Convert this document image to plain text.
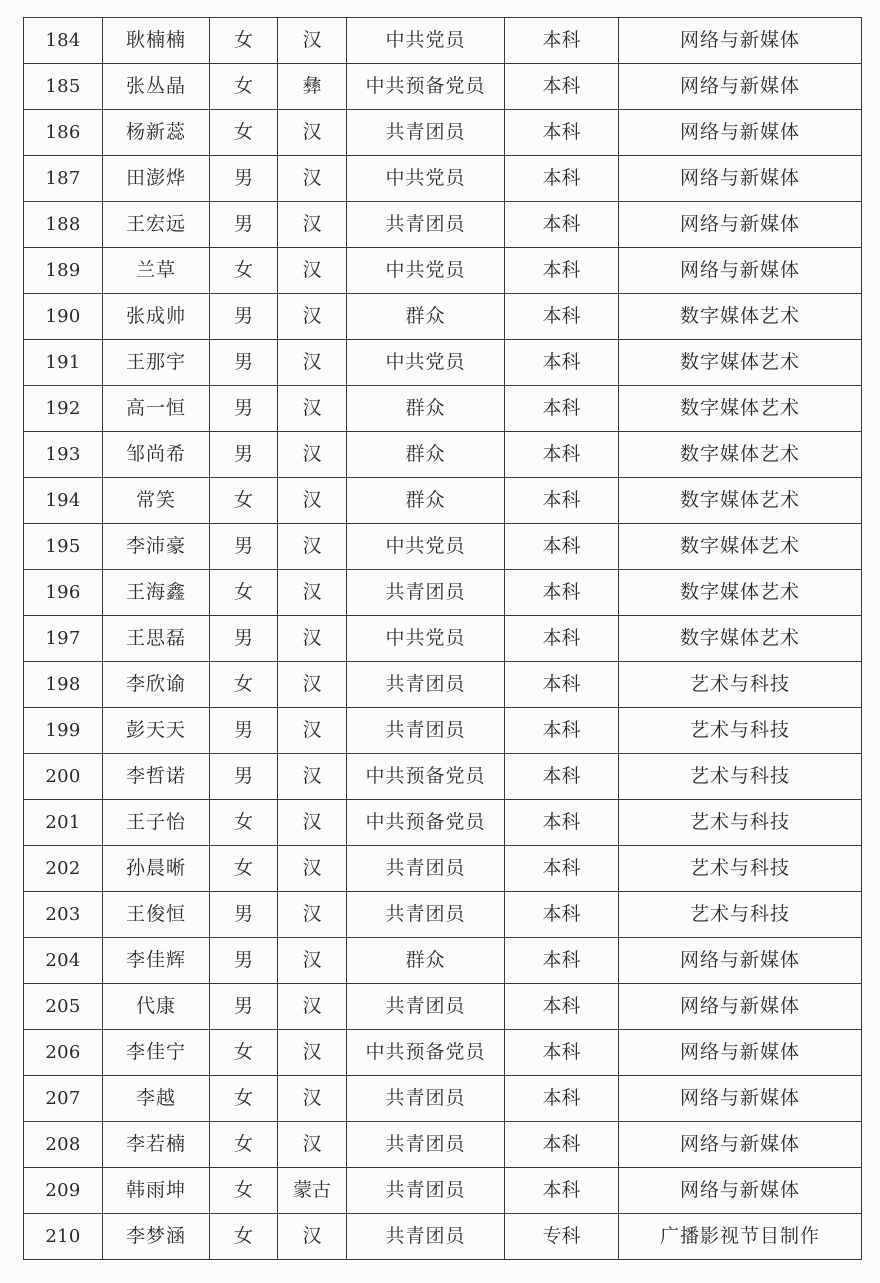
184	耿楠楠	女	汉	中共党员	本科	网络与新媒体
185	张丛晶	女	彝	中共预备党员	本科	网络与新媒体
186	杨新蕊	女	汉	共青团员	本科	网络与新媒体
187	田澎烨	男	汉	中共党员	本科	网络与新媒体
188	王宏远	男	汉	共青团员	本科	网络与新媒体
189	兰草	女	汉	中共党员	本科	网络与新媒体
190	张成帅	男	汉	群众	本科	数字媒体艺术
191	王那宇	男	汉	中共党员	本科	数字媒体艺术
192	高一恒	男	汉	群众	本科	数字媒体艺术
193	邹尚希	男	汉	群众	本科	数字媒体艺术
194	常笑	女	汉	群众	本科	数字媒体艺术
195	李沛豪	男	汉	中共党员	本科	数字媒体艺术
196	王海鑫	女	汉	共青团员	本科	数字媒体艺术
197	王思磊	男	汉	中共党员	本科	数字媒体艺术
198	李欣谕	女	汉	共青团员	本科	艺术与科技
199	彭天天	男	汉	共青团员	本科	艺术与科技
200	李哲诺	男	汉	中共预备党员	本科	艺术与科技
201	王子怡	女	汉	中共预备党员	本科	艺术与科技
202	孙晨晰	女	汉	共青团员	本科	艺术与科技
203	王俊恒	男	汉	共青团员	本科	艺术与科技
204	李佳辉	男	汉	群众	本科	网络与新媒体
205	代康	男	汉	共青团员	本科	网络与新媒体
206	李佳宁	女	汉	中共预备党员	本科	网络与新媒体
207	李越	女	汉	共青团员	本科	网络与新媒体
208	李若楠	女	汉	共青团员	本科	网络与新媒体
209	韩雨坤	女	蒙古	共青团员	本科	网络与新媒体
210	李梦涵	女	汉	共青团员	专科	广播影视节目制作
